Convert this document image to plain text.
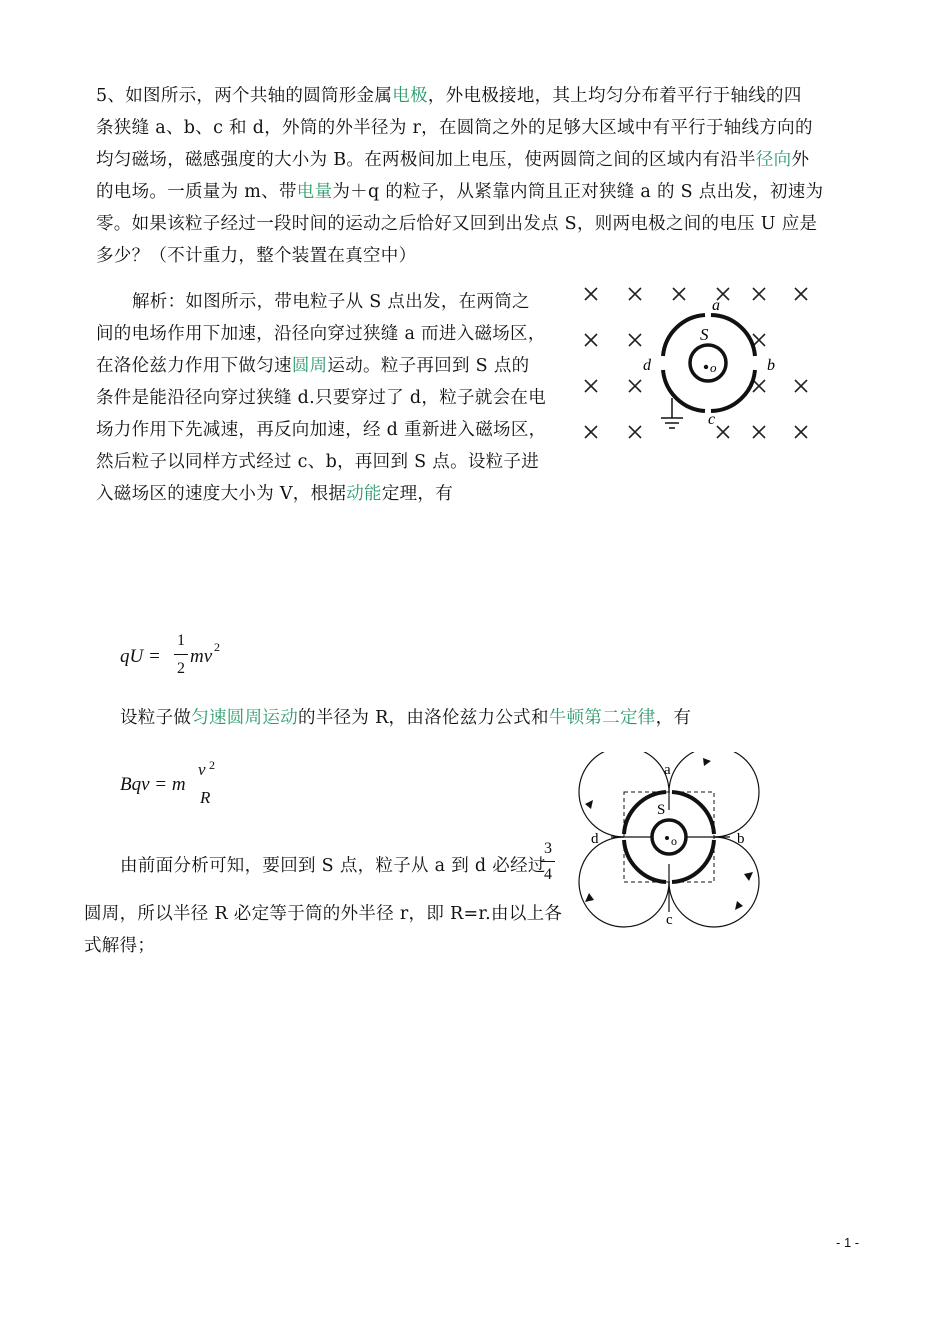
5、如图所示，两个共轴的圆筒形金属电极，外电极接地，其上均匀分布着平行于轴线的四
条狭缝 a、b、c 和 d，外筒的外半径为 r，在圆筒之外的足够大区域中有平行于轴线方向的
均匀磁场，磁感强度的大小为 B。在两极间加上电压，使两圆筒之间的区域内有沿半径向外
的电场。一质量为 m、带电量为＋q 的粒子，从紧靠内筒且正对狭缝 a 的 S 点出发，初速为
零。如果该粒子经过一段时间的运动之后恰好又回到出发点 S，则两电极之间的电压 U 应是
多少？（不计重力，整个装置在真空中）
解析：如图所示，带电粒子从 S 点出发，在两筒之
间的电场作用下加速，沿径向穿过狭缝 a 而进入磁场区，
在洛伦兹力作用下做匀速圆周运动。粒子再回到 S 点的
条件是能沿径向穿过狭缝 d.只要穿过了 d，粒子就会在电
场力作用下先减速，再反向加速，经 d 重新进入磁场区，
然后粒子以同样方式经过 c、b，再回到 S 点。设粒子进
入磁场区的速度大小为 V，根据动能定理，有
a
b
c
d
S
o
qU =
1
2
mv 2
设粒子做匀速圆周运动的半径为 R，由洛伦兹力公式和牛顿第二定律，有
Bqv = m
v 2
R
由前面分析可知，要回到 S 点，粒子从 a 到 d 必经过
3
4
圆周，所以半径 R 必定等于筒的外半径 r，即 R=r.由以上各
式解得；
a
b
c
d
S
o
- 1 -
